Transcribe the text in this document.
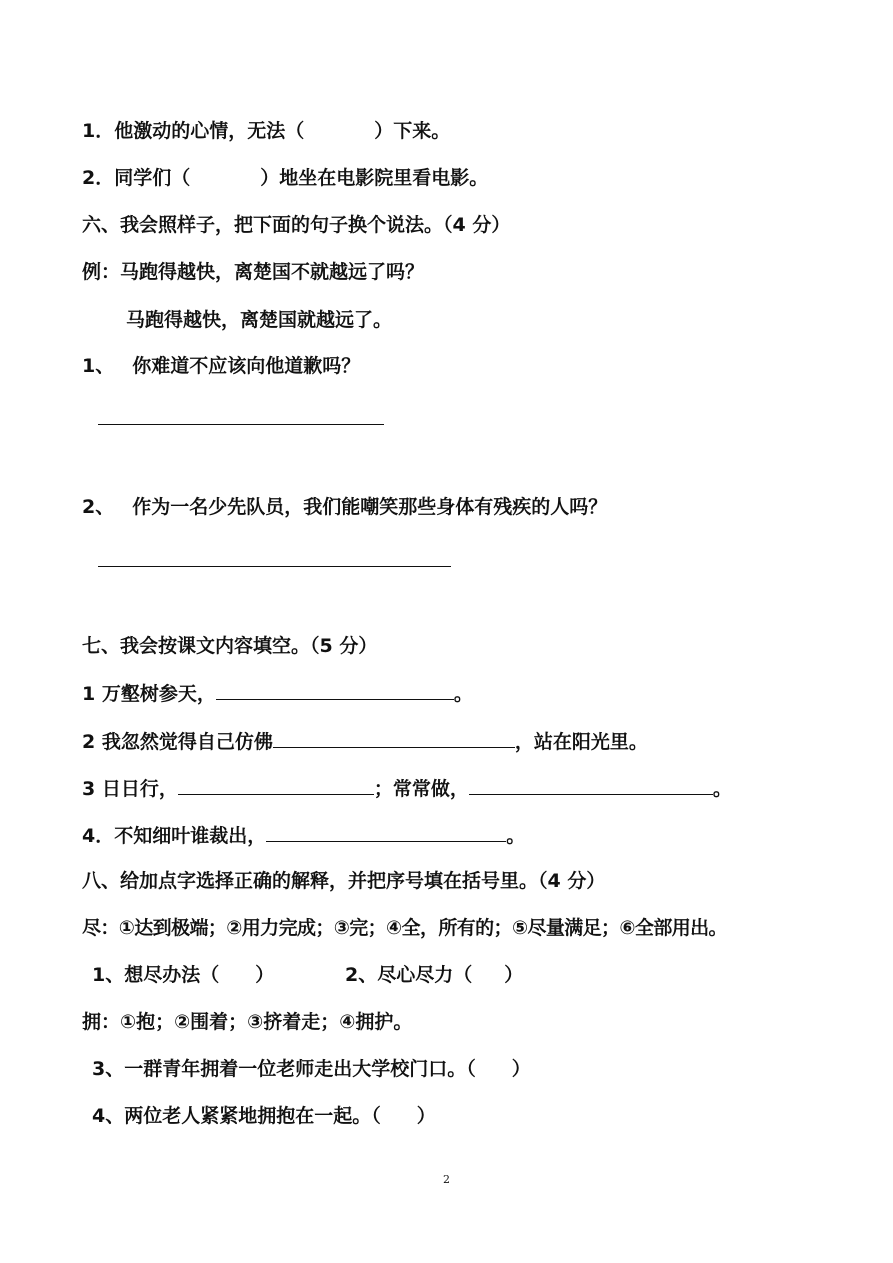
1．他激动的心情，无法（	）下来。
2．同学们（	）地坐在电影院里看电影。
六、我会照样子，把下面的句子换个说法。（4 分）
例：马跑得越快，离楚国不就越远了吗？
马跑得越快，离楚国就越远了。
1、 你难道不应该向他道歉吗？
2、 作为一名少先队员，我们能嘲笑那些身体有残疾的人吗？
七、我会按课文内容填空。（5 分）
1 万壑树参天，	。
2 我忽然觉得自己仿佛	，站在阳光里。
3 日日行，	；常常做，	。
4．不知细叶谁裁出，	。
八、给加点字选择正确的解释，并把序号填在括号里。（4 分）
尽：①达到极端；②用力完成；③完；④全，所有的；⑤尽量满足；⑥全部用出。
1、想尽办法（ ）	2、尽心尽力（ ）
拥：①抱；②围着；③挤着走；④拥护。
3、一群青年拥着一位老师走出大学校门口。（ ）
4、两位老人紧紧地拥抱在一起。（ ）
2
